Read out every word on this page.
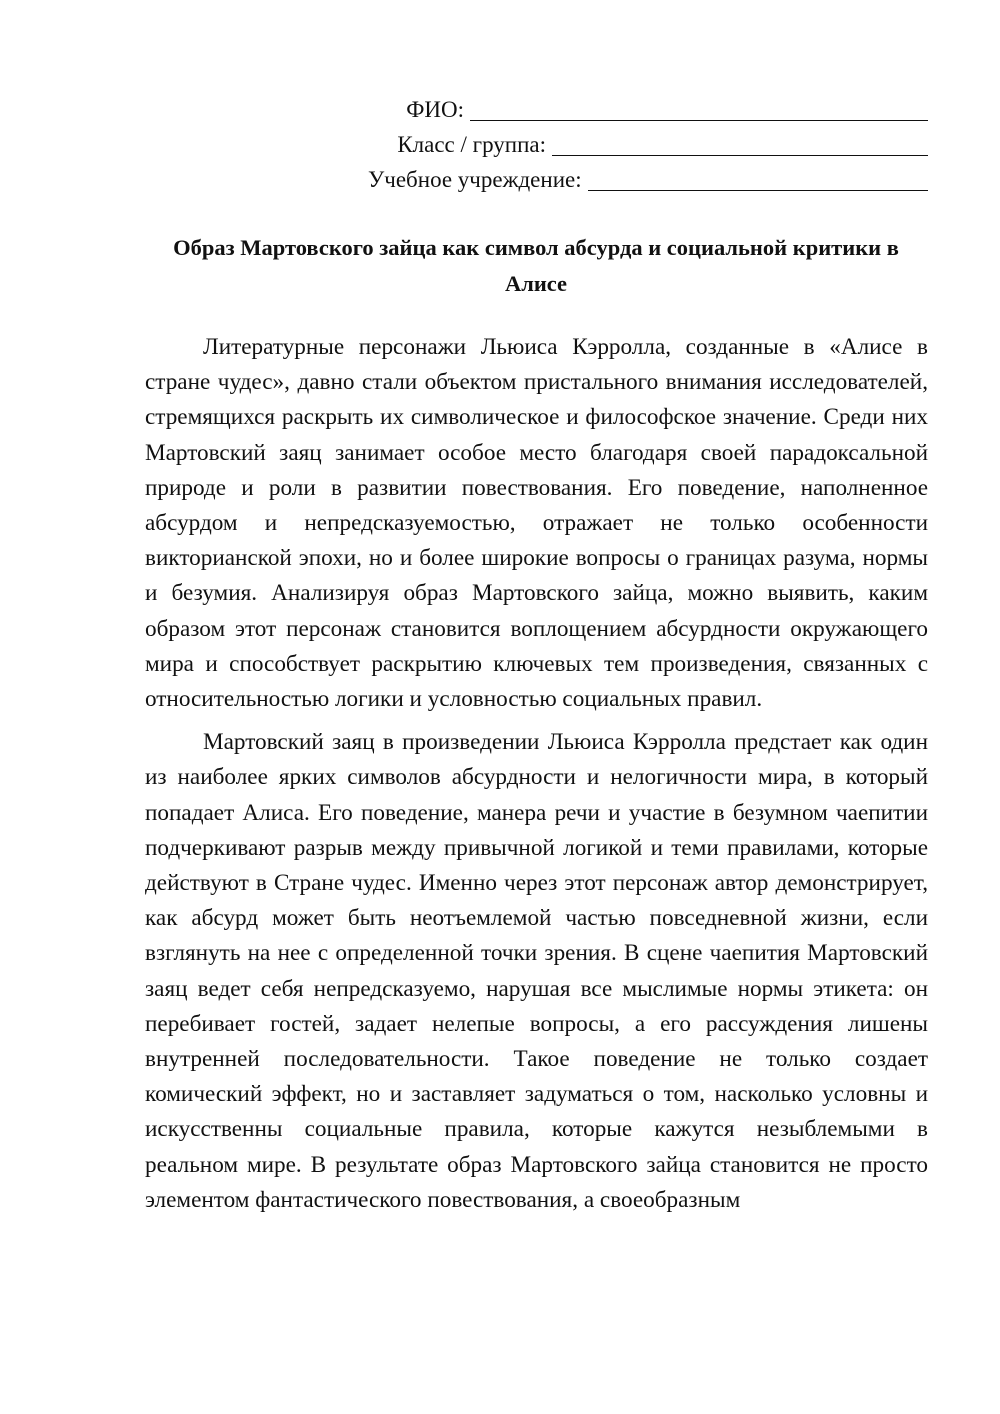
ФИО:
Класс / группа:
Учебное учреждение:
Образ Мартовского зайца как символ абсурда и социальной критики в Алисе

Литературные персонажи Льюиса Кэрролла, созданные в «Алисе в стране чудес», давно стали объектом пристального внимания исследователей, стремящихся раскрыть их символическое и философское значение. Среди них Мартовский заяц занимает особое место благодаря своей парадоксальной природе и роли в развитии повествования. Его поведение, наполненное абсурдом и непредсказуемостью, отражает не только особенности викторианской эпохи, но и более широкие вопросы о границах разума, нормы и безумия. Анализируя образ Мартовского зайца, можно выявить, каким образом этот персонаж становится воплощением абсурдности окружающего мира и способствует раскрытию ключевых тем произведения, связанных с относительностью логики и условностью социальных правил.

Мартовский заяц в произведении Льюиса Кэрролла предстает как один из наиболее ярких символов абсурдности и нелогичности мира, в который попадает Алиса. Его поведение, манера речи и участие в безумном чаепитии подчеркивают разрыв между привычной логикой и теми правилами, которые действуют в Стране чудес. Именно через этот персонаж автор демонстрирует, как абсурд может быть неотъемлемой частью повседневной жизни, если взглянуть на нее с определенной точки зрения. В сцене чаепития Мартовский заяц ведет себя непредсказуемо, нарушая все мыслимые нормы этикета: он перебивает гостей, задает нелепые вопросы, а его рассуждения лишены внутренней последовательности. Такое поведение не только создает комический эффект, но и заставляет задуматься о том, насколько условны и искусственны социальные правила, которые кажутся незыблемыми в реальном мире. В результате образ Мартовского зайца становится не просто элементом фантастического повествования, а своеобразным
